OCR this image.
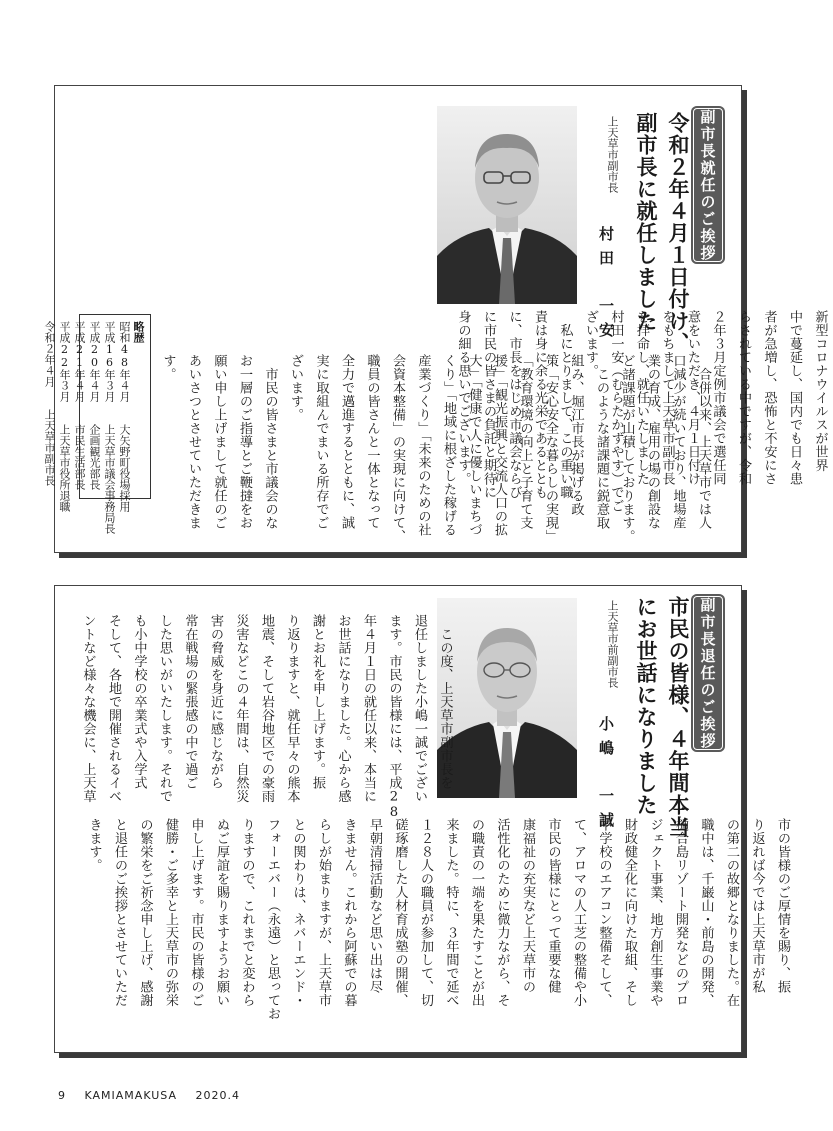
副市長就任のご挨拶
令和２年４月１日付け、
副市長に就任しました
上天草市副市長
村田　一安
新型コロナウイルスが世界
中で蔓延し、国内でも日々患
者が急増し、恐怖と不安にさ
らされている中ですが、令和
２年３月定例市議会で選任同
意をいただき、４月１日付け
をもちまして上天草市副市長
を拝命し、就任いたしました
村田一安（むらたかずやす）でご
ざいます。
　私にとりまして、この重い職
責は身に余る光栄であるととも
に、市長をはじめ市議会ならび
に市民の皆さまの負託と期待に
身の細る思いでございます。	　合併以来、上天草市では人
口減少が続いており、地場産
業の育成、雇用の場の創設な
ど諸課題が山積しております。
　このような諸課題に鋭意取
組み、堀江市長が掲げる政
策「安心安全な暮らしの実現」
「教育環境の向上と子育て支
援」「観光振興と交流人口の拡
大」「健康で人に優しいまちづ
くり」「地域に根ざした稼げる
産業づくり」「未来のための社
会資本整備」の実現に向けて、
職員の皆さんと一体となって
全力で邁進するとともに、誠
実に取組んでまいる所存でご
ざいます。
　市民の皆さまと市議会のな
お一層のご指導とご鞭撻をお
願い申し上げまして就任のご
あいさつとさせていただきま
す。
略歴
昭和48年４月　　大矢野町役場採用
平成16年３月　　上天草市議会事務局長
平成20年４月　　企画観光部長
平成21年４月　　市民生活部長
平成22年３月　　上天草市役所退職
令和２年４月　　上天草市副市長
副市長退任のご挨拶
市民の皆様、４年間本当
にお世話になりました
上天草市前副市長
小嶋　一誠
　この度、上天草市副市長を
退任しました小嶋一誠でござい
ます。市民の皆様には、平成28
年４月１日の就任以来、本当に
お世話になりました。心から感
謝とお礼を申し上げます。振
り返りますと、就任早々の熊本
地震、そして岩谷地区での豪雨
災害などこの４年間は、自然災
害の脅威を身近に感じながら
常在戦場の緊張感の中で過ご
した思いがいたします。それで
も小中学校の卒業式や入学式
そして、各地で開催されるイベ
ントなど様々な機会に、上天草
市の皆様のご厚情を賜り、振
り返れば今では上天草市が私
の第二の故郷となりました。在
職中は、千巌山・前島の開発、
樋合島リゾート開発などのプロ
ジェクト事業、地方創生事業や
財政健全化に向けた取組、そし
中学校のエアコン整備そして、
て、アロマの人工芝の整備や小
市民の皆様にとって重要な健
康福祉の充実など上天草市の
活性化のために微力ながら、そ
の職責の一端を果たすことが出
来ました。特に、３年間で延べ
１２８人の職員が参加して、切
磋琢磨した人材育成塾の開催、
早朝清掃活動など思い出は尽
きません。これから阿蘇での暮
らしが始まりますが、上天草市
との関わりは、ネバーエンド・
フォーエバー（永遠）と思ってお
りますので、これまでと変わら
ぬご厚誼を賜りますようお願い
申し上げます。市民の皆様のご
健勝・ご多幸と上天草市の弥栄
の繁栄をご祈念申し上げ、感謝
と退任のご挨拶とさせていただ
きます。
9 KAMIAMAKUSA 2020.4
